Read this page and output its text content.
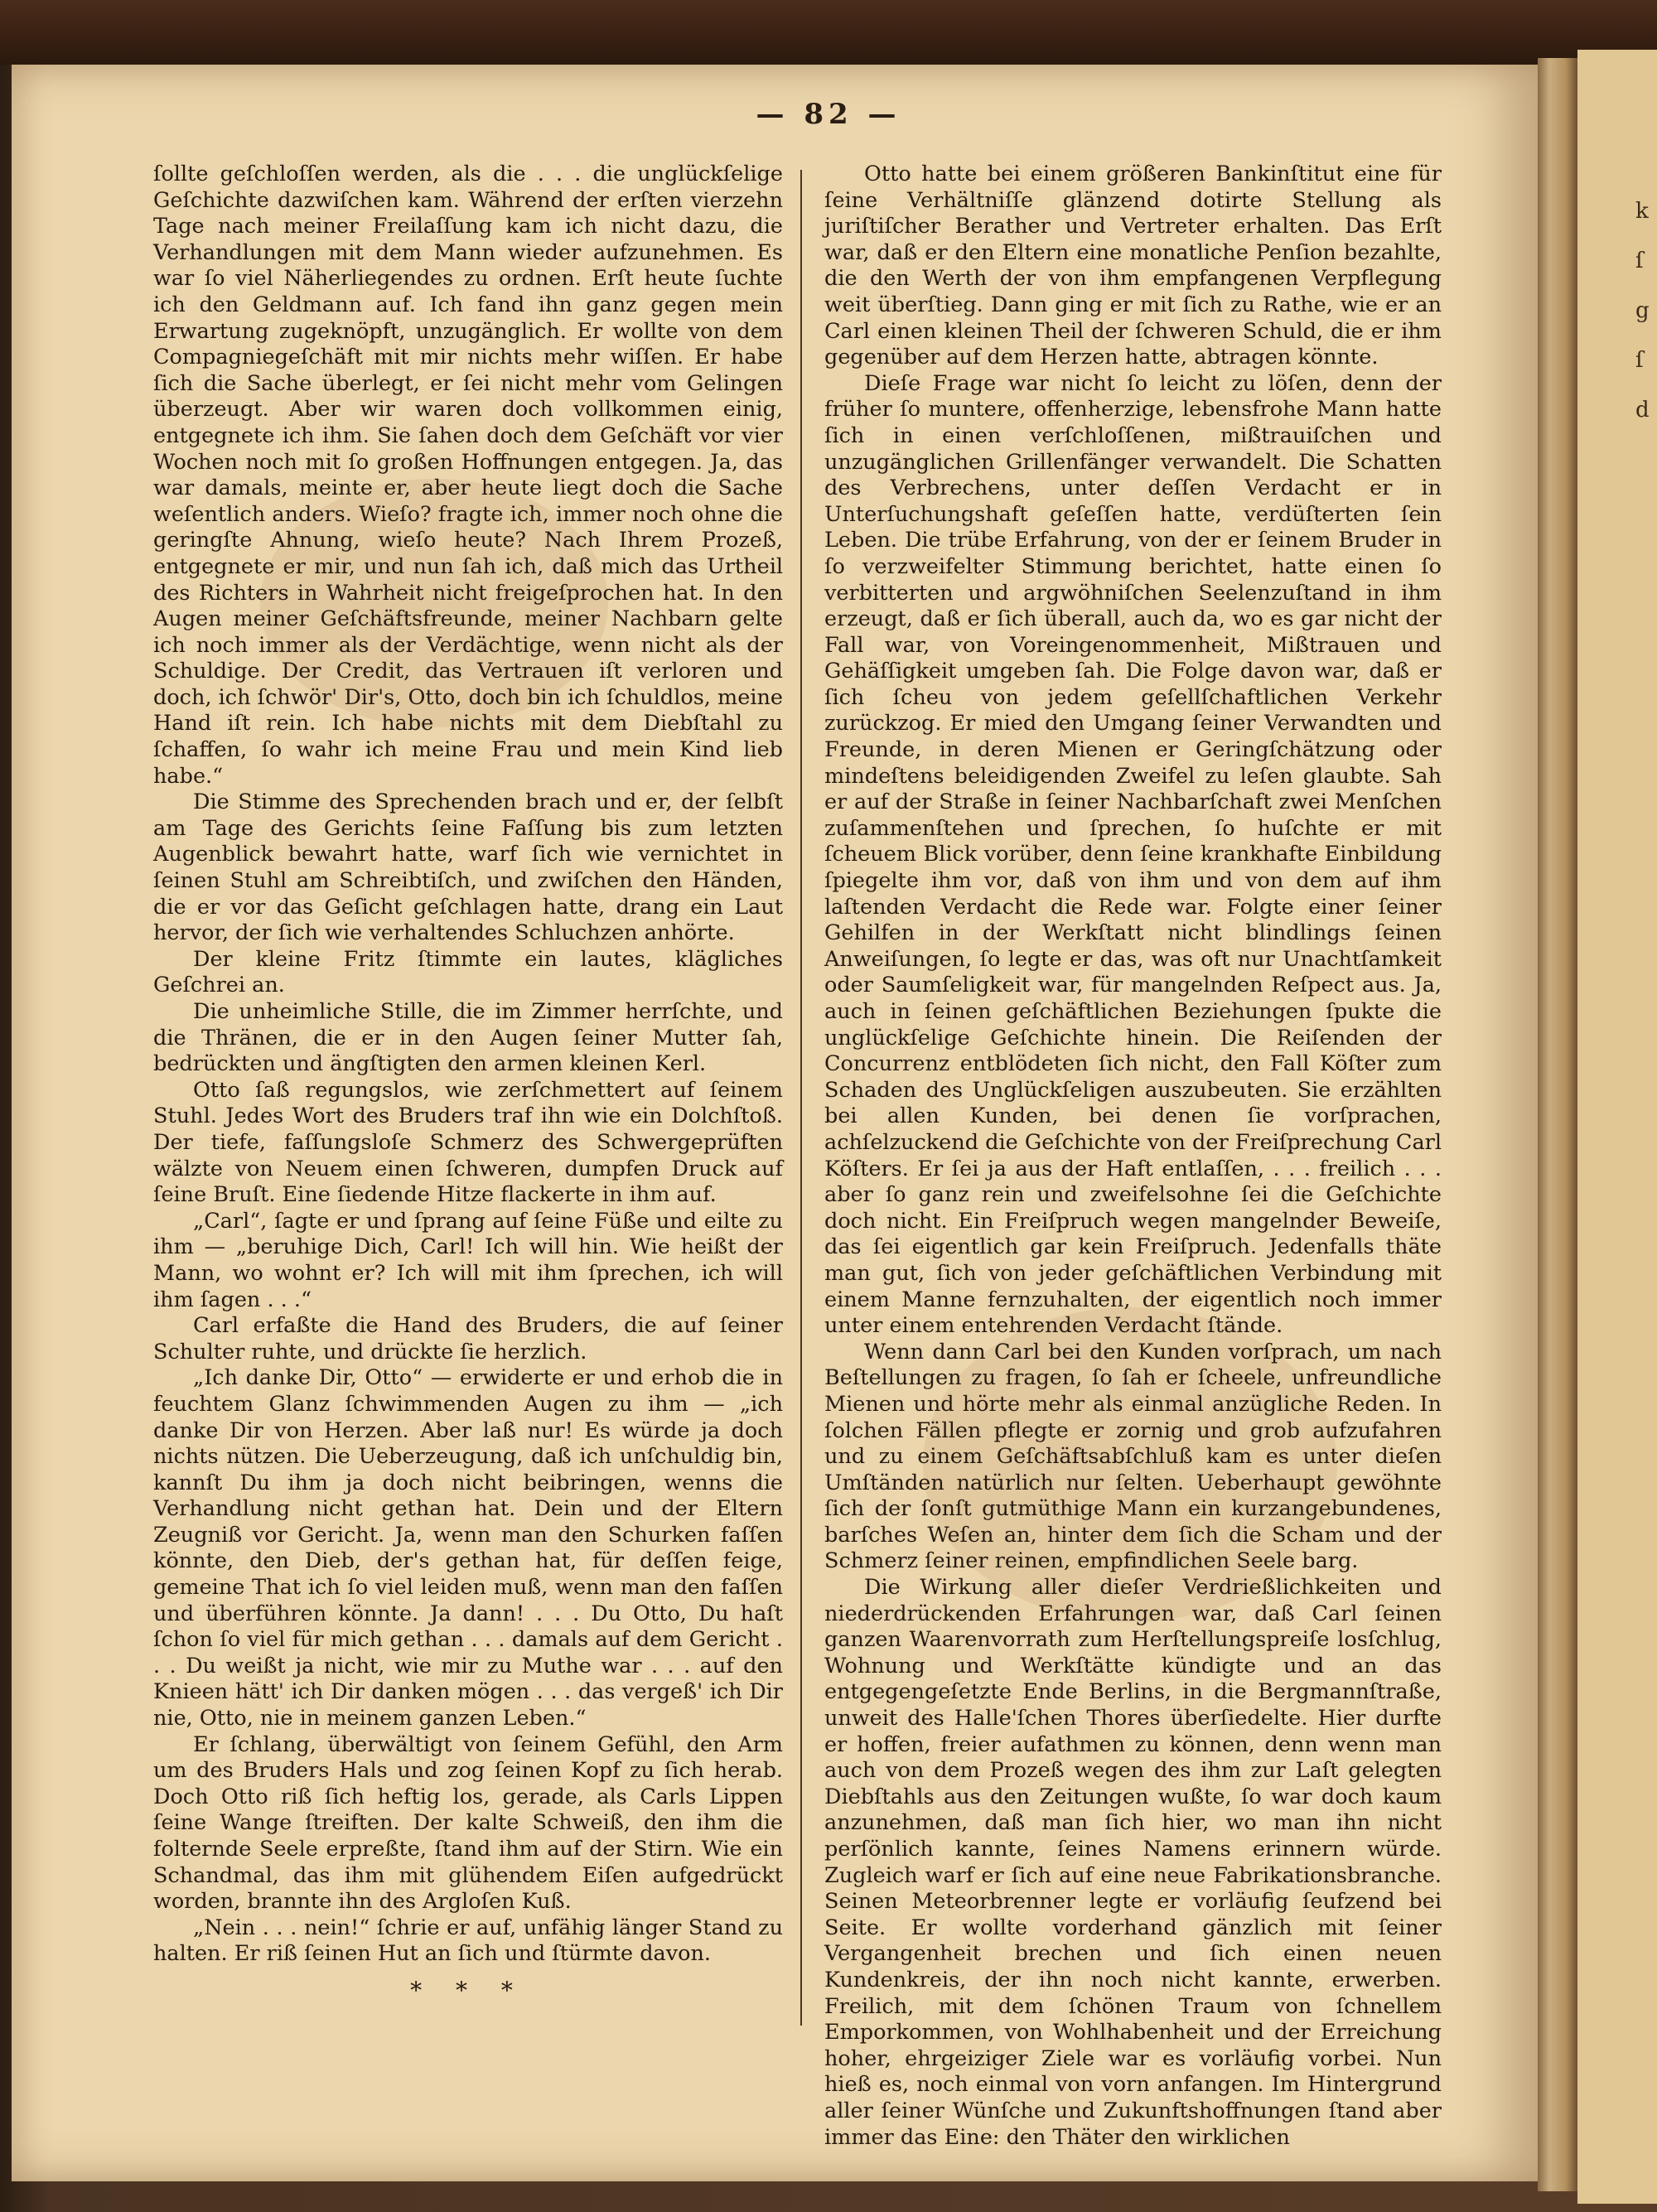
k
ſ
g
ſ
d
— 82 —

ſollte geſchloſſen werden, als die . . . die unglückſelige Geſchichte dazwiſchen kam. Während der erſten vierzehn Tage nach meiner Freilaſſung kam ich nicht dazu, die Verhandlungen mit dem Mann wieder aufzunehmen. Es war ſo viel Näherliegendes zu ordnen. Erſt heute ſuchte ich den Geldmann auf. Ich fand ihn ganz gegen mein Erwartung zugeknöpft, unzugänglich. Er wollte von dem Compagniegeſchäft mit mir nichts mehr wiſſen. Er habe ſich die Sache überlegt, er ſei nicht mehr vom Gelingen überzeugt. Aber wir waren doch vollkommen einig, entgegnete ich ihm. Sie ſahen doch dem Geſchäft vor vier Wochen noch mit ſo großen Hoffnungen entgegen. Ja, das war damals, meinte er, aber heute liegt doch die Sache weſentlich anders. Wieſo? fragte ich, immer noch ohne die geringſte Ahnung, wieſo heute? Nach Ihrem Prozeß, entgegnete er mir, und nun ſah ich, daß mich das Urtheil des Richters in Wahrheit nicht freigeſprochen hat. In den Augen meiner Geſchäftsfreunde, meiner Nachbarn gelte ich noch immer als der Verdächtige, wenn nicht als der Schuldige. Der Credit, das Vertrauen iſt verloren und doch, ich ſchwör' Dir's, Otto, doch bin ich ſchuldlos, meine Hand iſt rein. Ich habe nichts mit dem Diebſtahl zu ſchaffen, ſo wahr ich meine Frau und mein Kind lieb habe.“

Die Stimme des Sprechenden brach und er, der ſelbſt am Tage des Gerichts ſeine Faſſung bis zum letzten Augenblick bewahrt hatte, warf ſich wie vernichtet in ſeinen Stuhl am Schreibtiſch, und zwiſchen den Händen, die er vor das Geſicht geſchlagen hatte, drang ein Laut hervor, der ſich wie verhaltendes Schluchzen anhörte.

Der kleine Fritz ſtimmte ein lautes, klägliches Geſchrei an.

Die unheimliche Stille, die im Zimmer herrſchte, und die Thränen, die er in den Augen ſeiner Mutter ſah, bedrückten und ängſtigten den armen kleinen Kerl.

Otto ſaß regungslos, wie zerſchmettert auf ſeinem Stuhl. Jedes Wort des Bruders traf ihn wie ein Dolchſtoß. Der tiefe, faſſungsloſe Schmerz des Schwergeprüften wälzte von Neuem einen ſchweren, dumpfen Druck auf ſeine Bruſt. Eine ſiedende Hitze flackerte in ihm auf.

„Carl“, ſagte er und ſprang auf ſeine Füße und eilte zu ihm — „beruhige Dich, Carl! Ich will hin. Wie heißt der Mann, wo wohnt er? Ich will mit ihm ſprechen, ich will ihm ſagen . . .“

Carl erfaßte die Hand des Bruders, die auf ſeiner Schulter ruhte, und drückte ſie herzlich.

„Ich danke Dir, Otto“ — erwiderte er und erhob die in feuchtem Glanz ſchwimmenden Augen zu ihm — „ich danke Dir von Herzen. Aber laß nur! Es würde ja doch nichts nützen. Die Ueberzeugung, daß ich unſchuldig bin, kannſt Du ihm ja doch nicht beibringen, wenns die Verhandlung nicht gethan hat. Dein und der Eltern Zeugniß vor Gericht. Ja, wenn man den Schurken faſſen könnte, den Dieb, der's gethan hat, für deſſen feige, gemeine That ich ſo viel leiden muß, wenn man den faſſen und überführen könnte. Ja dann! . . . Du Otto, Du haſt ſchon ſo viel für mich gethan . . . damals auf dem Gericht . . . Du weißt ja nicht, wie mir zu Muthe war . . . auf den Knieen hätt' ich Dir danken mögen . . . das vergeß' ich Dir nie, Otto, nie in meinem ganzen Leben.“

Er ſchlang, überwältigt von ſeinem Gefühl, den Arm um des Bruders Hals und zog ſeinen Kopf zu ſich herab. Doch Otto riß ſich heftig los, gerade, als Carls Lippen ſeine Wange ſtreiften. Der kalte Schweiß, den ihm die folternde Seele erpreßte, ſtand ihm auf der Stirn. Wie ein Schandmal, das ihm mit glühendem Eiſen aufgedrückt worden, brannte ihn des Argloſen Kuß.

„Nein . . . nein!“ ſchrie er auf, unfähig länger Stand zu halten. Er riß ſeinen Hut an ſich und ſtürmte davon.

* * *

Otto hatte bei einem größeren Bankinſtitut eine für ſeine Verhältniſſe glänzend dotirte Stellung als juriſtiſcher Berather und Vertreter erhalten. Das Erſt war, daß er den Eltern eine monatliche Penſion bezahlte, die den Werth der von ihm empfangenen Verpflegung weit überſtieg. Dann ging er mit ſich zu Rathe, wie er an Carl einen kleinen Theil der ſchweren Schuld, die er ihm gegenüber auf dem Herzen hatte, abtragen könnte.

Dieſe Frage war nicht ſo leicht zu löſen, denn der früher ſo muntere, offenherzige, lebensfrohe Mann hatte ſich in einen verſchloſſenen, mißtrauiſchen und unzugänglichen Grillenfänger verwandelt. Die Schatten des Verbrechens, unter deſſen Verdacht er in Unterſuchungshaft geſeſſen hatte, verdüſterten ſein Leben. Die trübe Erfahrung, von der er ſeinem Bruder in ſo verzweifelter Stimmung berichtet, hatte einen ſo verbitterten und argwöhniſchen Seelenzuſtand in ihm erzeugt, daß er ſich überall, auch da, wo es gar nicht der Fall war, von Voreingenommenheit, Mißtrauen und Gehäſſigkeit umgeben ſah. Die Folge davon war, daß er ſich ſcheu von jedem geſellſchaftlichen Verkehr zurückzog. Er mied den Umgang ſeiner Verwandten und Freunde, in deren Mienen er Geringſchätzung oder mindeſtens beleidigenden Zweifel zu leſen glaubte. Sah er auf der Straße in ſeiner Nachbarſchaft zwei Menſchen zuſammenſtehen und ſprechen, ſo huſchte er mit ſcheuem Blick vorüber, denn ſeine krankhafte Einbildung ſpiegelte ihm vor, daß von ihm und von dem auf ihm laſtenden Verdacht die Rede war. Folgte einer ſeiner Gehilfen in der Werkſtatt nicht blindlings ſeinen Anweiſungen, ſo legte er das, was oft nur Unachtſamkeit oder Saumſeligkeit war, für mangelnden Reſpect aus. Ja, auch in ſeinen geſchäftlichen Beziehungen ſpukte die unglückſelige Geſchichte hinein. Die Reiſenden der Concurrenz entblödeten ſich nicht, den Fall Köſter zum Schaden des Unglückſeligen auszubeuten. Sie erzählten bei allen Kunden, bei denen ſie vorſprachen, achſelzuckend die Geſchichte von der Freiſprechung Carl Köſters. Er ſei ja aus der Haft entlaſſen, . . . freilich . . . aber ſo ganz rein und zweifelsohne ſei die Geſchichte doch nicht. Ein Freiſpruch wegen mangelnder Beweiſe, das ſei eigentlich gar kein Freiſpruch. Jedenfalls thäte man gut, ſich von jeder geſchäftlichen Verbindung mit einem Manne fernzuhalten, der eigentlich noch immer unter einem entehrenden Verdacht ſtände.

Wenn dann Carl bei den Kunden vorſprach, um nach Beſtellungen zu fragen, ſo ſah er ſcheele, unfreundliche Mienen und hörte mehr als einmal anzügliche Reden. In ſolchen Fällen pflegte er zornig und grob aufzufahren und zu einem Geſchäftsabſchluß kam es unter dieſen Umſtänden natürlich nur ſelten. Ueberhaupt gewöhnte ſich der ſonſt gutmüthige Mann ein kurzangebundenes, barſches Weſen an, hinter dem ſich die Scham und der Schmerz ſeiner reinen, empfindlichen Seele barg.

Die Wirkung aller dieſer Verdrießlichkeiten und niederdrückenden Erfahrungen war, daß Carl ſeinen ganzen Waarenvorrath zum Herſtellungspreiſe losſchlug, Wohnung und Werkſtätte kündigte und an das entgegengeſetzte Ende Berlins, in die Bergmannſtraße, unweit des Halle'ſchen Thores überſiedelte. Hier durfte er hoffen, freier aufathmen zu können, denn wenn man auch von dem Prozeß wegen des ihm zur Laſt gelegten Diebſtahls aus den Zeitungen wußte, ſo war doch kaum anzunehmen, daß man ſich hier, wo man ihn nicht perſönlich kannte, ſeines Namens erinnern würde. Zugleich warf er ſich auf eine neue Fabrikationsbranche. Seinen Meteorbrenner legte er vorläufig ſeufzend bei Seite. Er wollte vorderhand gänzlich mit ſeiner Vergangenheit brechen und ſich einen neuen Kundenkreis, der ihn noch nicht kannte, erwerben. Freilich, mit dem ſchönen Traum von ſchnellem Emporkommen, von Wohlhabenheit und der Erreichung hoher, ehrgeiziger Ziele war es vorläufig vorbei. Nun hieß es, noch einmal von vorn anfangen. Im Hintergrund aller ſeiner Wünſche und Zukunftshoffnungen ſtand aber immer das Eine: den Thäter den wirklichen
